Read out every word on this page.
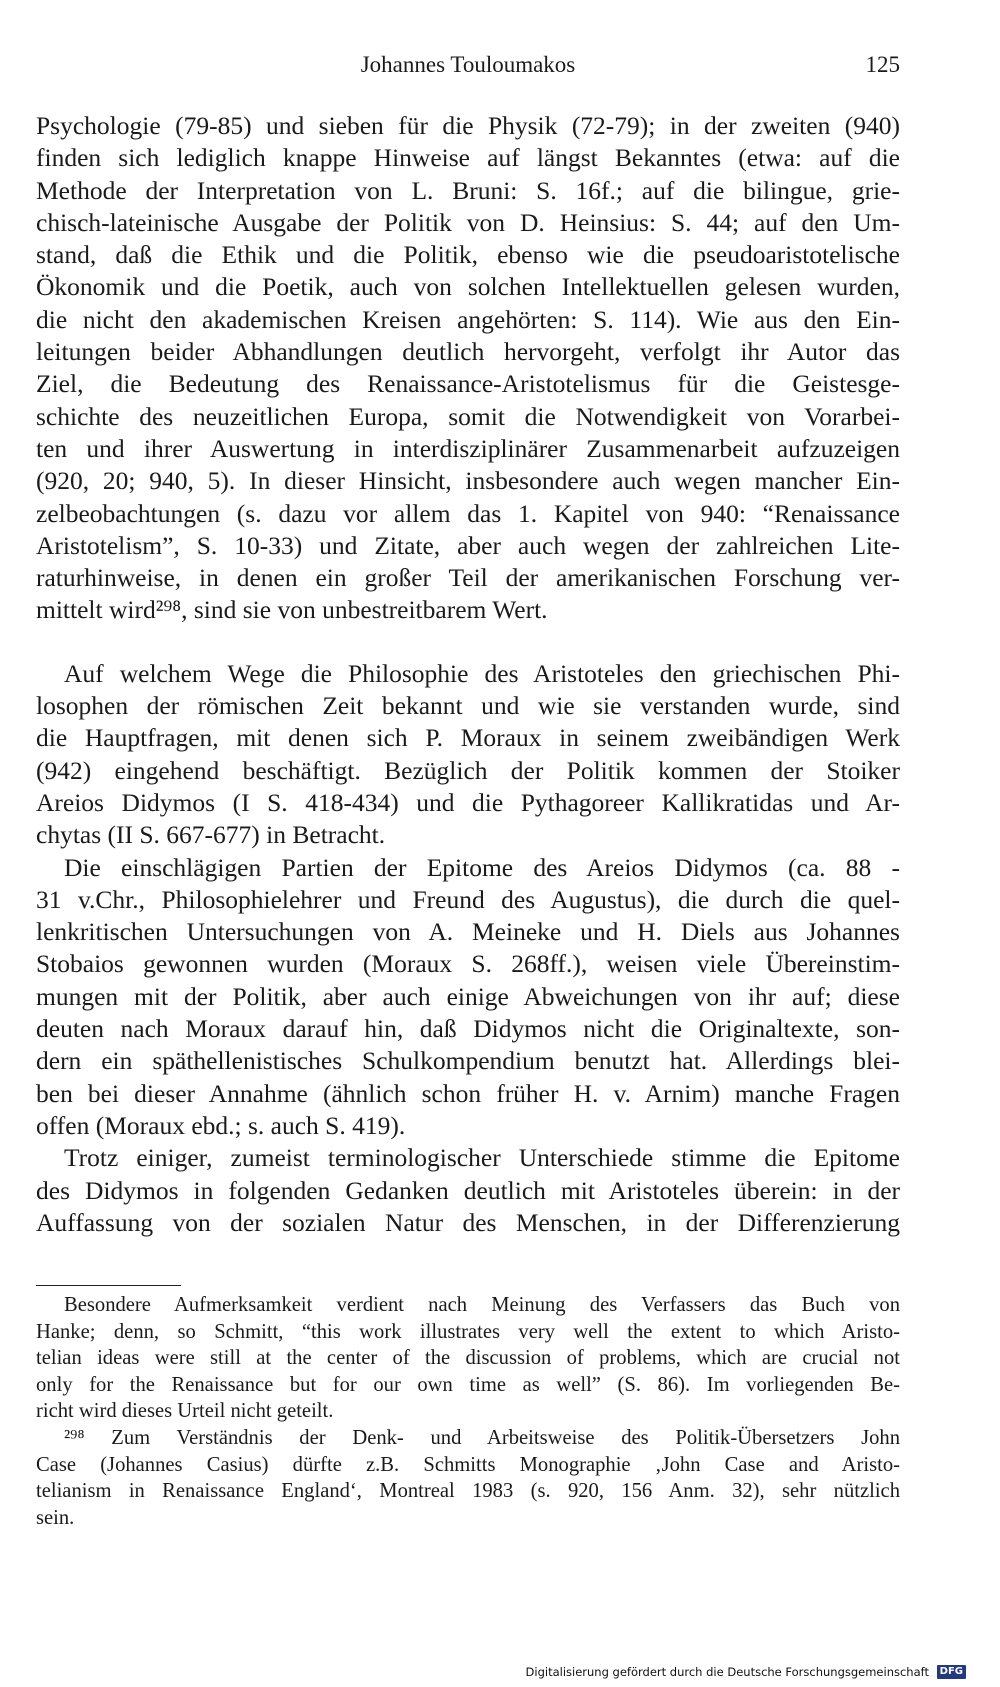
Johannes Touloumakos	125
Psychologie (79-85) und sieben für die Physik (72-79); in der zweiten (940)
finden sich lediglich knappe Hinweise auf längst Bekanntes (etwa: auf die
Methode der Interpretation von L. Bruni: S. 16f.; auf die bilingue, grie-
chisch-lateinische Ausgabe der Politik von D. Heinsius: S. 44; auf den Um-
stand, daß die Ethik und die Politik, ebenso wie die pseudoaristotelische
Ökonomik und die Poetik, auch von solchen Intellektuellen gelesen wurden,
die nicht den akademischen Kreisen angehörten: S. 114). Wie aus den Ein-
leitungen beider Abhandlungen deutlich hervorgeht, verfolgt ihr Autor das
Ziel, die Bedeutung des Renaissance-Aristotelismus für die Geistesge-
schichte des neuzeitlichen Europa, somit die Notwendigkeit von Vorarbei-
ten und ihrer Auswertung in interdisziplinärer Zusammenarbeit aufzuzeigen
(920, 20; 940, 5). In dieser Hinsicht, insbesondere auch wegen mancher Ein-
zelbeobachtungen (s. dazu vor allem das 1. Kapitel von 940: “Renaissance
Aristotelism”, S. 10-33) und Zitate, aber auch wegen der zahlreichen Lite-
raturhinweise, in denen ein großer Teil der amerikanischen Forschung ver-
mittelt wird²⁹⁸, sind sie von unbestreitbarem Wert.
Auf welchem Wege die Philosophie des Aristoteles den griechischen Phi-
losophen der römischen Zeit bekannt und wie sie verstanden wurde, sind
die Hauptfragen, mit denen sich P. Moraux in seinem zweibändigen Werk
(942) eingehend beschäftigt. Bezüglich der Politik kommen der Stoiker
Areios Didymos (I S. 418-434) und die Pythagoreer Kallikratidas und Ar-
chytas (II S. 667-677) in Betracht.
Die einschlägigen Partien der Epitome des Areios Didymos (ca. 88 -
31 v.Chr., Philosophielehrer und Freund des Augustus), die durch die quel-
lenkritischen Untersuchungen von A. Meineke und H. Diels aus Johannes
Stobaios gewonnen wurden (Moraux S. 268ff.), weisen viele Übereinstim-
mungen mit der Politik, aber auch einige Abweichungen von ihr auf; diese
deuten nach Moraux darauf hin, daß Didymos nicht die Originaltexte, son-
dern ein späthellenistisches Schulkompendium benutzt hat. Allerdings blei-
ben bei dieser Annahme (ähnlich schon früher H. v. Arnim) manche Fragen
offen (Moraux ebd.; s. auch S. 419).
Trotz einiger, zumeist terminologischer Unterschiede stimme die Epitome
des Didymos in folgenden Gedanken deutlich mit Aristoteles überein: in der
Auffassung von der sozialen Natur des Menschen, in der Differenzierung
Besondere Aufmerksamkeit verdient nach Meinung des Verfassers das Buch von
Hanke; denn, so Schmitt, “this work illustrates very well the extent to which Aristo-
telian ideas were still at the center of the discussion of problems, which are crucial not
only for the Renaissance but for our own time as well” (S. 86). Im vorliegenden Be-
richt wird dieses Urteil nicht geteilt.
²⁹⁸ Zum Verständnis der Denk- und Arbeitsweise des Politik-Übersetzers John
Case (Johannes Casius) dürfte z.B. Schmitts Monographie ‚John Case and Aristo-
telianism in Renaissance England‘, Montreal 1983 (s. 920, 156 Anm. 32), sehr nützlich
sein.
Digitalisierung gefördert durch die Deutsche Forschungsgemeinschaft DFG
